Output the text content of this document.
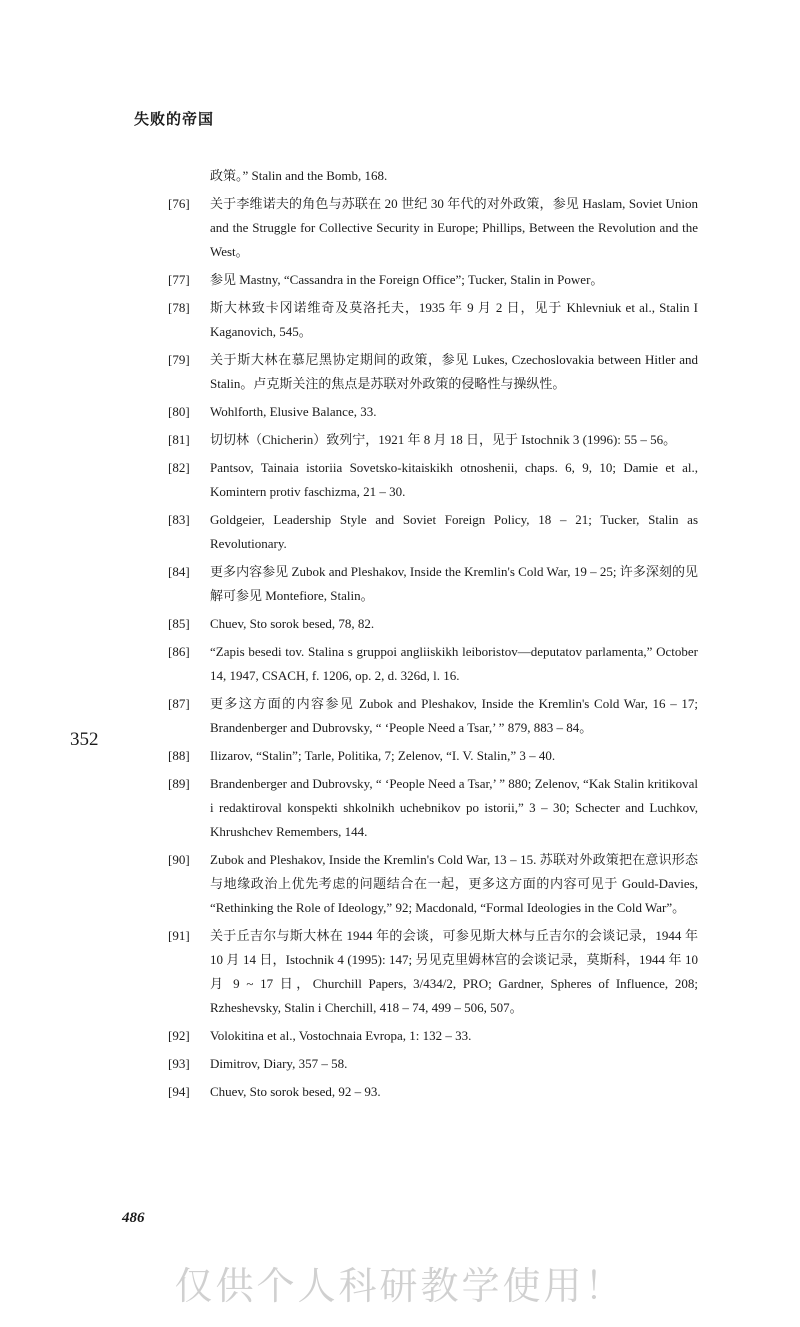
失败的帝国
352
政策。” Stalin and the Bomb, 168.
[76] 关于李维诺夫的角色与苏联在 20 世纪 30 年代的对外政策，参见 Haslam, Soviet Union and the Struggle for Collective Security in Europe; Phillips, Between the Revolution and the West。
[77] 参见 Mastny, “Cassandra in the Foreign Office”; Tucker, Stalin in Power。
[78] 斯大林致卡冈诺维奇及莫洛托夫，1935 年 9 月 2 日，见于 Khlevniuk et al., Stalin I Kaganovich, 545。
[79] 关于斯大林在慕尼黑协定期间的政策，参见 Lukes, Czechoslovakia between Hitler and Stalin。卢克斯关注的焦点是苏联对外政策的侵略性与操纵性。
[80] Wohlforth, Elusive Balance, 33.
[81] 切切林（Chicherin）致列宁，1921 年 8 月 18 日，见于 Istochnik 3 (1996): 55 – 56。
[82] Pantsov, Tainaia istoriia Sovetsko-kitaiskikh otnoshenii, chaps. 6, 9, 10; Damie et al., Komintern protiv faschizma, 21 – 30.
[83] Goldgeier, Leadership Style and Soviet Foreign Policy, 18 – 21; Tucker, Stalin as Revolutionary.
[84] 更多内容参见 Zubok and Pleshakov, Inside the Kremlin's Cold War, 19 – 25; 许多深刻的见解可参见 Montefiore, Stalin。
[85] Chuev, Sto sorok besed, 78, 82.
[86] “Zapis besedi tov. Stalina s gruppoi angliiskikh leiboristov—deputatov parlamenta,” October 14, 1947, CSACH, f. 1206, op. 2, d. 326d, l. 16.
[87] 更多这方面的内容参见 Zubok and Pleshakov, Inside the Kremlin's Cold War, 16 – 17; Brandenberger and Dubrovsky, “ ‘People Need a Tsar,’ ” 879, 883 – 84。
[88] Ilizarov, “Stalin”; Tarle, Politika, 7; Zelenov, “I. V. Stalin,” 3 – 40.
[89] Brandenberger and Dubrovsky, “ ‘People Need a Tsar,’ ” 880; Zelenov, “Kak Stalin kritikoval i redaktiroval konspekti shkolnikh uchebnikov po istorii,” 3 – 30; Schecter and Luchkov, Khrushchev Remembers, 144.
[90] Zubok and Pleshakov, Inside the Kremlin's Cold War, 13 – 15. 苏联对外政策把在意识形态与地缘政治上优先考虑的问题结合在一起，更多这方面的内容可见于 Gould-Davies, “Rethinking the Role of Ideology,” 92; Macdonald, “Formal Ideologies in the Cold War”。
[91] 关于丘吉尔与斯大林在 1944 年的会谈，可参见斯大林与丘吉尔的会谈记录，1944 年 10 月 14 日，Istochnik 4 (1995): 147; 另见克里姆林宫的会谈记录，莫斯科，1944 年 10 月 9 ~ 17 日，Churchill Papers, 3/434/2, PRO; Gardner, Spheres of Influence, 208; Rzheshevsky, Stalin i Cherchill, 418 – 74, 499 – 506, 507。
[92] Volokitina et al., Vostochnaia Evropa, 1: 132 – 33.
[93] Dimitrov, Diary, 357 – 58.
[94] Chuev, Sto sorok besed, 92 – 93.
486
仅供个人科研教学使用！
